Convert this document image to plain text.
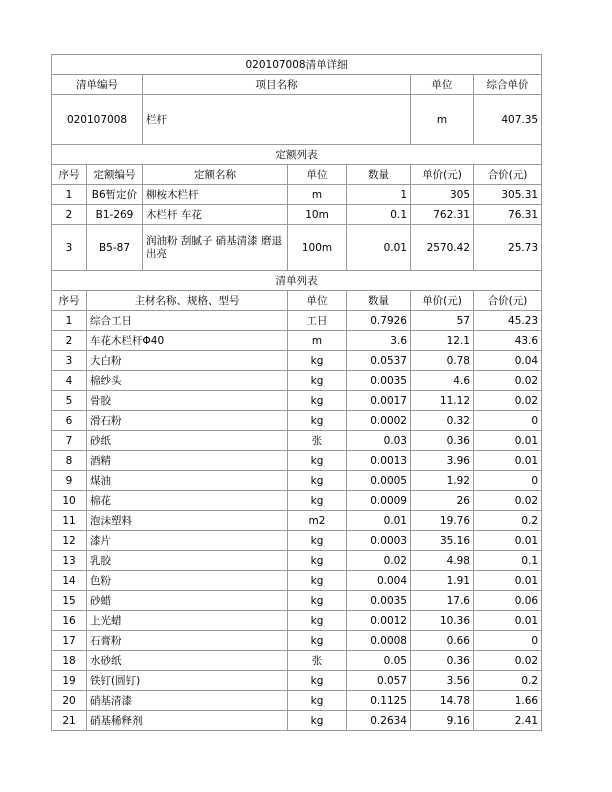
020107008清单详细						
清单编号		项目名称			单位	综合单价
020107008		栏杆			m	407.35
定额列表						
序号	定额编号	定额名称	单位	数量	单价(元)	合价(元)
1	B6暂定价	柳桉木栏杆	m	1	305	305.31
2	B1-269	木栏杆 车花	10m	0.1	762.31	76.31
3	B5-87	润油粉 刮腻子 硝基清漆 磨退出亮	100m	0.01	2570.42	25.73
清单列表						
序号	主材名称、规格、型号		单位	数量	单价(元)	合价(元)
1	综合工日		工日	0.7926	57	45.23
2	车花木栏杆Φ40		m	3.6	12.1	43.6
3	大白粉		kg	0.0537	0.78	0.04
4	棉纱头		kg	0.0035	4.6	0.02
5	骨胶		kg	0.0017	11.12	0.02
6	滑石粉		kg	0.0002	0.32	0
7	砂纸		张	0.03	0.36	0.01
8	酒精		kg	0.0013	3.96	0.01
9	煤油		kg	0.0005	1.92	0
10	棉花		kg	0.0009	26	0.02
11	泡沫塑料		m2	0.01	19.76	0.2
12	漆片		kg	0.0003	35.16	0.01
13	乳胶		kg	0.02	4.98	0.1
14	色粉		kg	0.004	1.91	0.01
15	砂蜡		kg	0.0035	17.6	0.06
16	上光蜡		kg	0.0012	10.36	0.01
17	石膏粉		kg	0.0008	0.66	0
18	水砂纸		张	0.05	0.36	0.02
19	铁钉(圆钉)		kg	0.057	3.56	0.2
20	硝基清漆		kg	0.1125	14.78	1.66
21	硝基稀释剂		kg	0.2634	9.16	2.41
